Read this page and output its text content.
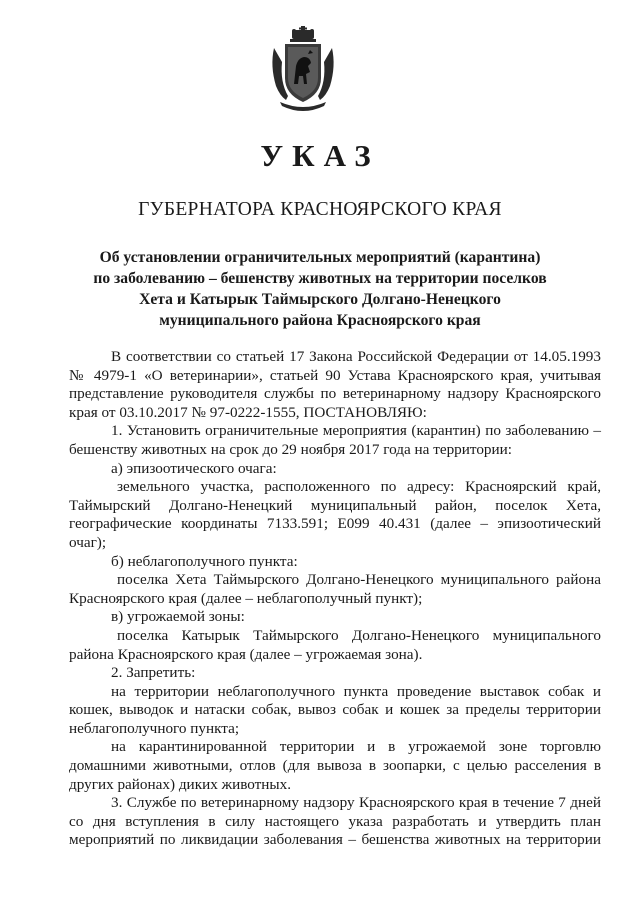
УКАЗ
ГУБЕРНАТОРА КРАСНОЯРСКОГО КРАЯ
Об установлении ограничительных мероприятий (карантина)
по заболеванию – бешенству животных на территории поселков
Хета и Катырык Таймырского Долгано-Ненецкого
муниципального района Красноярского края

В соответствии со статьей 17 Закона Российской Федерации от 14.05.1993 № 4979-1 «О ветеринарии», статьей 90 Устава Красноярского края, учитывая представление руководителя службы по ветеринарному надзору Красноярского края от 03.10.2017 № 97-0222-1555, ПОСТАНОВЛЯЮ:

1. Установить ограничительные мероприятия (карантин) по заболеванию – бешенству животных на срок до 29 ноября 2017 года на территории:

а) эпизоотического очага:

земельного участка, расположенного по адресу: Красноярский край, Таймырский Долгано-Ненецкий муниципальный район, поселок Хета, географические координаты 7133.591; Е099 40.431 (далее – эпизоотический очаг);

б) неблагополучного пункта:

поселка Хета Таймырского Долгано-Ненецкого муниципального района Красноярского края (далее – неблагополучный пункт);

в) угрожаемой зоны:

поселка Катырык Таймырского Долгано-Ненецкого муниципального района Красноярского края (далее – угрожаемая зона).

2. Запретить:

на территории неблагополучного пункта проведение выставок собак и кошек, выводок и натаски собак, вывоз собак и кошек за пределы территории неблагополучного пункта;

на карантинированной территории и в угрожаемой зоне торговлю домашними животными, отлов (для вывоза в зоопарки, с целью расселения в других районах) диких животных.

3. Службе по ветеринарному надзору Красноярского края в течение 7 дней со дня вступления в силу настоящего указа разработать и утвердить план мероприятий по ликвидации заболевания – бешенства животных на территории
